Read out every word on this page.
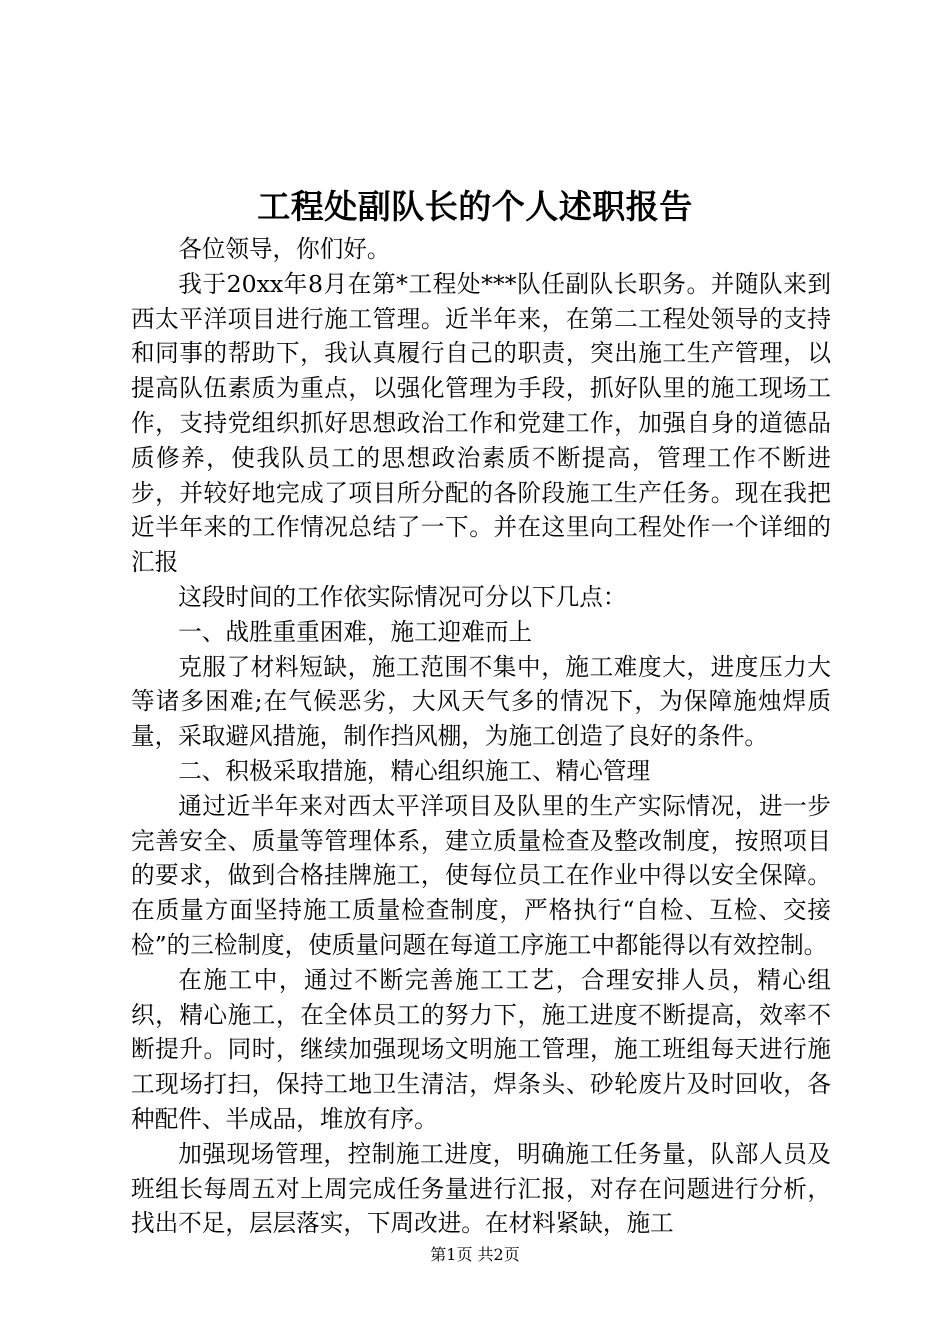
工程处副队长的个人述职报告

各位领导，你们好。

我于20xx年8月在第*工程处***队任副队长职务。并随队来到西太平洋项目进行施工管理。近半年来，在第二工程处领导的支持和同事的帮助下，我认真履行自己的职责，突出施工生产管理，以提高队伍素质为重点，以强化管理为手段，抓好队里的施工现场工作，支持党组织抓好思想政治工作和党建工作，加强自身的道德品质修养，使我队员工的思想政治素质不断提高，管理工作不断进步，并较好地完成了项目所分配的各阶段施工生产任务。现在我把近半年来的工作情况总结了一下。并在这里向工程处作一个详细的汇报

这段时间的工作依实际情况可分以下几点：

一、战胜重重困难，施工迎难而上

克服了材料短缺，施工范围不集中，施工难度大，进度压力大等诸多困难;在气候恶劣，大风天气多的情况下，为保障施烛焊质量，采取避风措施，制作挡风棚，为施工创造了良好的条件。

二、积极采取措施，精心组织施工、精心管理

通过近半年来对西太平洋项目及队里的生产实际情况，进一步完善安全、质量等管理体系，建立质量检查及整改制度，按照项目的要求，做到合格挂牌施工，使每位员工在作业中得以安全保障。在质量方面坚持施工质量检查制度，严格执行“自检、互检、交接检”的三检制度，使质量问题在每道工序施工中都能得以有效控制。

在施工中，通过不断完善施工工艺，合理安排人员，精心组织，精心施工，在全体员工的努力下，施工进度不断提高，效率不断提升。同时，继续加强现场文明施工管理，施工班组每天进行施工现场打扫，保持工地卫生清洁，焊条头、砂轮废片及时回收，各种配件、半成品，堆放有序。

加强现场管理，控制施工进度，明确施工任务量，队部人员及班组长每周五对上周完成任务量进行汇报，对存在问题进行分析，找出不足，层层落实，下周改进。在材料紧缺，施工

第1页 共2页
